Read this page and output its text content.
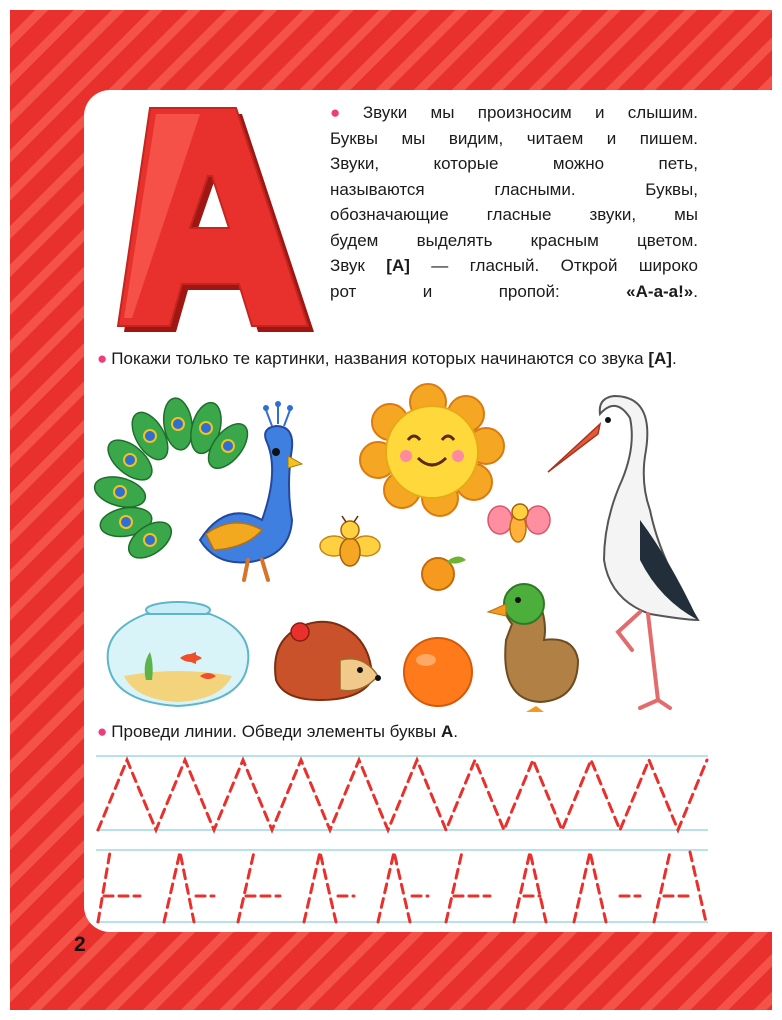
● Звуки мы произносим и слышим.
Буквы мы видим, читаем и пишем.
Звуки, которые можно петь,
называются гласными. Буквы,
обозначающие гласные звуки, мы
будем выделять красным цветом.
Звук [А] — гласный. Открой широко
рот и пропой:	«А-а-а!».

● Покажи только те картинки, названия которых начинаются со звука [А].

● Проведи линии. Обведи элементы буквы А.

2
